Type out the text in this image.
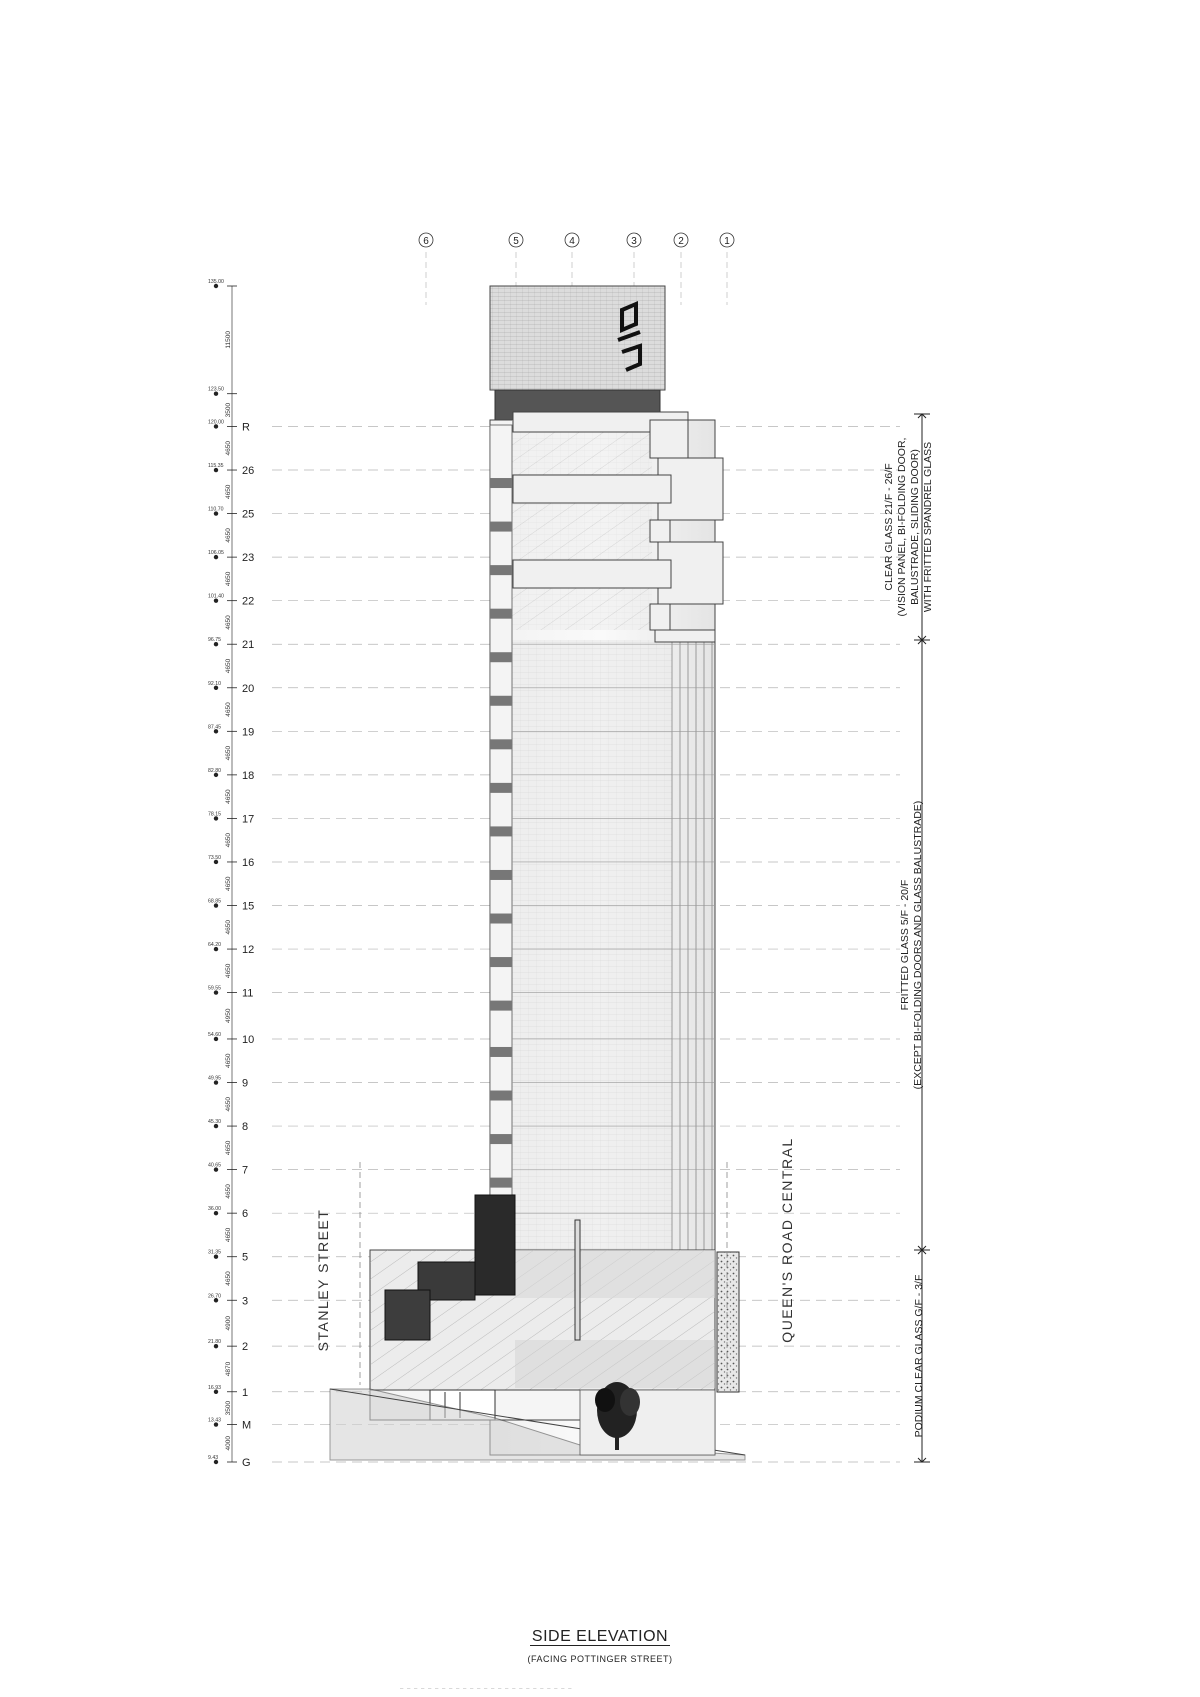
135.00
11500
123.50
3500
120.00 R
4650
115.35 26
4650
110.70 25
4650
106.05 23
4650
101.40 22
4650
96.75 21
4650
92.10 20
4650
87.45 19
4650
82.80 18
4650
78.15 17
4650
73.50 16
4650
68.85 15
4650
64.20 12
4650
59.55 11
4950
54.60 10
4650
49.95 9
4650
45.30 8
4650
40.65 7
4650
36.00 6
4650
31.35 5
4650
26.70 3
4900
21.80 2
4870
16.93 1
3500
13.43 M
4000
9.43 G
6	5	4	3	2	1
STANLEY STREET	QUEEN'S ROAD CENTRAL
CLEAR GLASS 21/F - 26/F (VISION PANEL, BI-FOLDING DOOR, BALUSTRADE, SLIDING DOOR) WITH FRITTED SPANDREL GLASS
FRITTED GLASS 5/F - 20/F (EXCEPT BI-FOLDING DOORS AND GLASS BALUSTRADE)
PODIUM CLEAR GLASS G/F - 3/F
SIDE ELEVATION
(FACING POTTINGER STREET)
– – – – – – – – – – – – – – – – – – – – – – – – –
